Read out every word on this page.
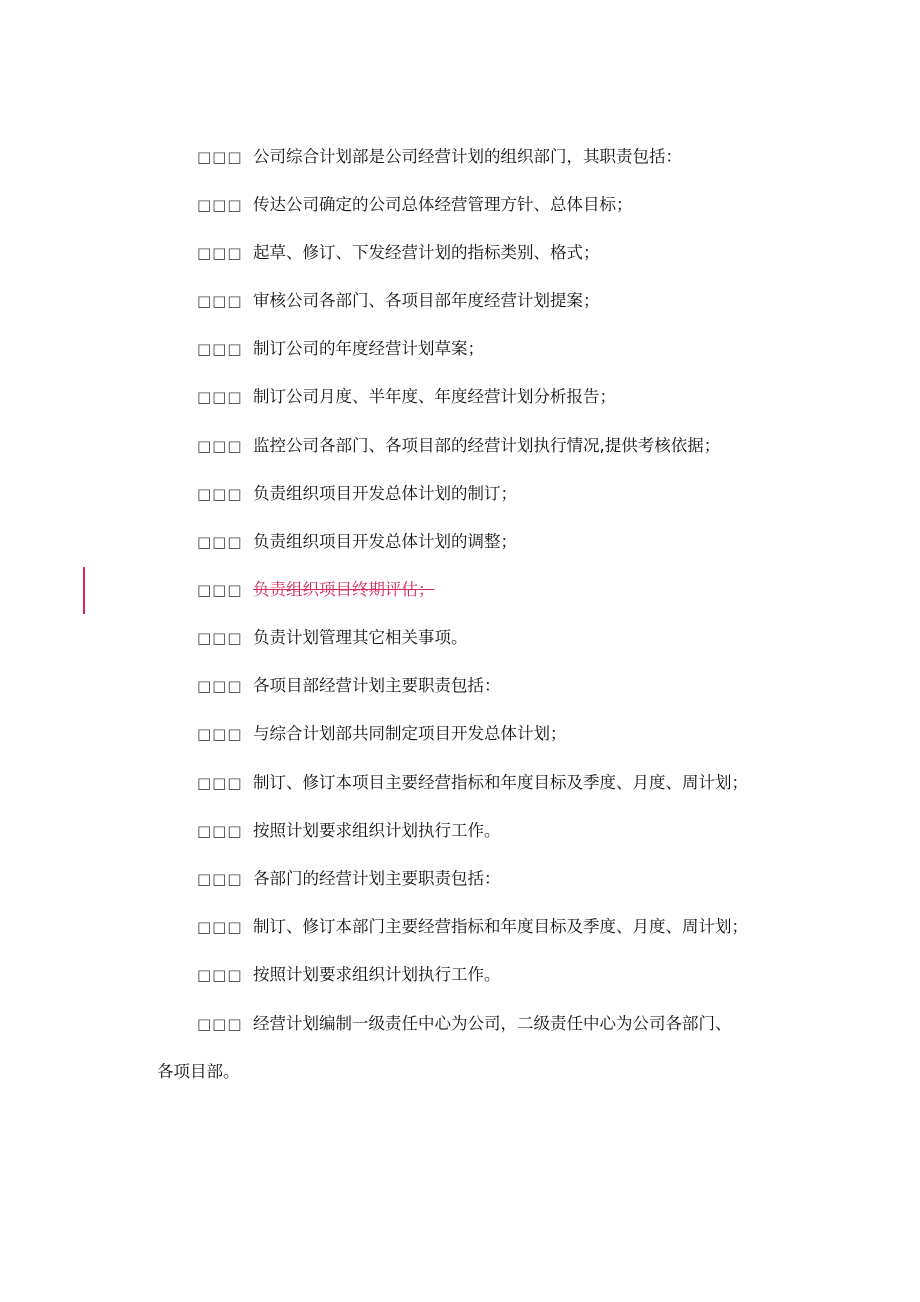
□□□ 公司综合计划部是公司经营计划的组织部门，其职责包括：
□□□ 传达公司确定的公司总体经营管理方针、总体目标；
□□□ 起草、修订、下发经营计划的指标类别、格式；
□□□ 审核公司各部门、各项目部年度经营计划提案；
□□□ 制订公司的年度经营计划草案；
□□□ 制订公司月度、半年度、年度经营计划分析报告；
□□□ 监控公司各部门、各项目部的经营计划执行情况,提供考核依据；
□□□ 负责组织项目开发总体计划的制订；
□□□ 负责组织项目开发总体计划的调整；
□□□ 负责组织项目终期评估；
□□□ 负责计划管理其它相关事项。
□□□ 各项目部经营计划主要职责包括：
□□□ 与综合计划部共同制定项目开发总体计划；
□□□ 制订、修订本项目主要经营指标和年度目标及季度、月度、周计划；
□□□ 按照计划要求组织计划执行工作。
□□□ 各部门的经营计划主要职责包括：
□□□ 制订、修订本部门主要经营指标和年度目标及季度、月度、周计划；
□□□ 按照计划要求组织计划执行工作。
□□□ 经营计划编制一级责任中心为公司，二级责任中心为公司各部门、
各项目部。
